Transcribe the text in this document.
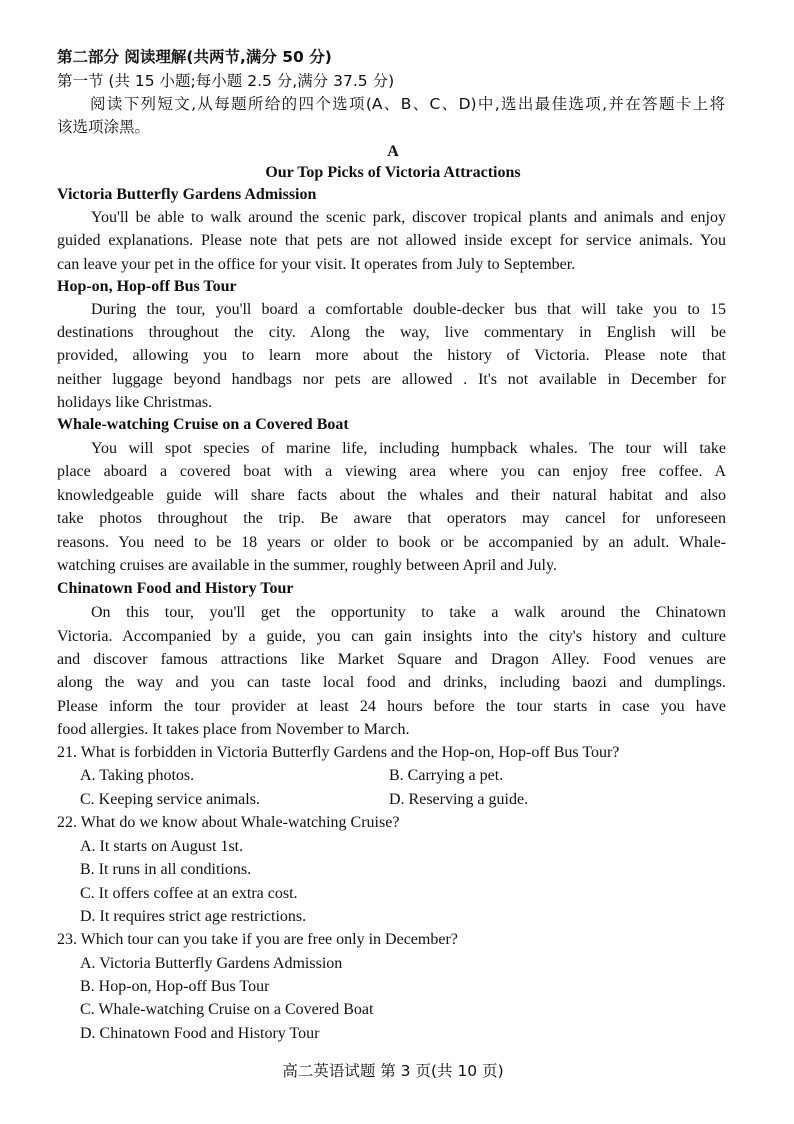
第二部分 阅读理解(共两节,满分 50 分)
第一节 (共 15 小题;每小题 2.5 分,满分 37.5 分)
阅读下列短文,从每题所给的四个选项(A、B、C、D)中,选出最佳选项,并在答题卡上将
该选项涂黑。
A
Our Top Picks of Victoria Attractions
Victoria Butterfly Gardens Admission
You'll be able to walk around the scenic park, discover tropical plants and animals and enjoy
guided explanations. Please note that pets are not allowed inside except for service animals. You
can leave your pet in the office for your visit. It operates from July to September.
Hop-on, Hop-off Bus Tour
During the tour, you'll board a comfortable double-decker bus that will take you to 15
destinations throughout the city. Along the way, live commentary in English will be
provided, allowing you to learn more about the history of Victoria. Please note that
neither luggage beyond handbags nor pets are allowed . It's not available in December for
holidays like Christmas.
Whale-watching Cruise on a Covered Boat
You will spot species of marine life, including humpback whales. The tour will take
place aboard a covered boat with a viewing area where you can enjoy free coffee. A
knowledgeable guide will share facts about the whales and their natural habitat and also
take photos throughout the trip. Be aware that operators may cancel for unforeseen
reasons. You need to be 18 years or older to book or be accompanied by an adult. Whale-
watching cruises are available in the summer, roughly between April and July.
Chinatown Food and History Tour
On this tour, you'll get the opportunity to take a walk around the Chinatown
Victoria. Accompanied by a guide, you can gain insights into the city's history and culture
and discover famous attractions like Market Square and Dragon Alley. Food venues are
along the way and you can taste local food and drinks, including baozi and dumplings.
Please inform the tour provider at least 24 hours before the tour starts in case you have
food allergies. It takes place from November to March.
21. What is forbidden in Victoria Butterfly Gardens and the Hop-on, Hop-off Bus Tour?
A. Taking photos.	B. Carrying a pet.
C. Keeping service animals.	D. Reserving a guide.
22. What do we know about Whale-watching Cruise?
A. It starts on August 1st.
B. It runs in all conditions.
C. It offers coffee at an extra cost.
D. It requires strict age restrictions.
23. Which tour can you take if you are free only in December?
A. Victoria Butterfly Gardens Admission
B. Hop-on, Hop-off Bus Tour
C. Whale-watching Cruise on a Covered Boat
D. Chinatown Food and History Tour
高二英语试题 第 3 页(共 10 页)
